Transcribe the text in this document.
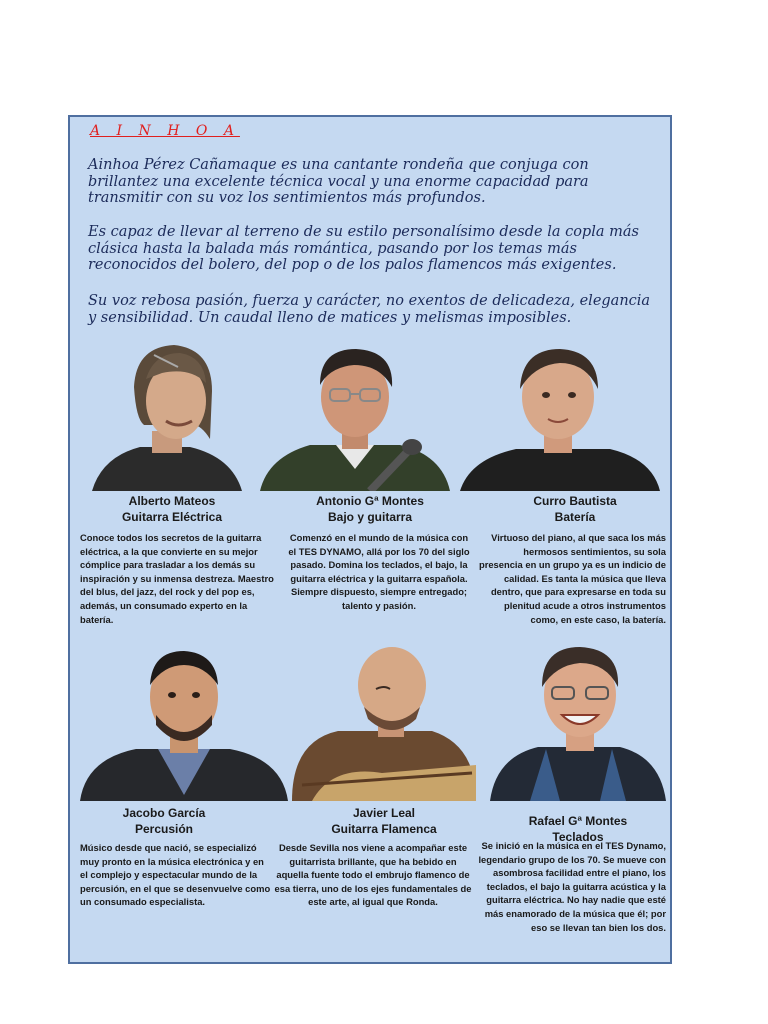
A I N H O A

Ainhoa Pérez Cañamaque es una cantante rondeña que conjuga con brillantez una excelente técnica vocal y una enorme capacidad para transmitir con su voz los sentimientos más profundos.

Es capaz de llevar al terreno de su estilo personalísimo desde la copla más clásica hasta la balada más romántica, pasando por los temas más reconocidos del bolero, del pop o de los palos flamencos más exigentes.

Su voz rebosa pasión, fuerza y carácter, no exentos de delicadeza, elegancia y sensibilidad. Un caudal lleno de matices y melismas imposibles.

Alberto Mateos
Guitarra Eléctrica
Antonio Gª Montes
Bajo y guitarra
Curro Bautista
Batería

Conoce todos los secretos de la guitarra eléctrica, a la que convierte en su mejor cómplice para trasladar a los demás su inspiración y su inmensa destreza. Maestro del blus, del jazz, del rock y del pop es, además, un consumado experto en la batería.

Comenzó en el mundo de la música con el TES DYNAMO, allá por los 70 del siglo pasado. Domina los teclados, el bajo, la guitarra eléctrica y la guitarra española. Siempre dispuesto, siempre entregado; talento y pasión.

Virtuoso del piano, al que saca los más hermosos sentimientos, su sola presencia en un grupo ya es un indicio de calidad. Es tanta la música que lleva dentro, que para expresarse en toda su plenitud acude a otros instrumentos como, en este caso, la batería.

Jacobo García
Percusión
Javier Leal
Guitarra Flamenca
Rafael Gª Montes
Teclados

Músico desde que nació, se especializó muy pronto en la música electrónica y en el complejo y espectacular mundo de la percusión, en el que se desenvuelve como un consumado especialista.

Desde Sevilla nos viene a acompañar este guitarrista brillante, que ha bebido en aquella fuente todo el embrujo flamenco de esa tierra, uno de los ejes fundamentales de este arte, al igual que Ronda.

Se inició en la música en el TES Dynamo, legendario grupo de los 70. Se mueve con asombrosa facilidad entre el piano, los teclados, el bajo la guitarra acústica y la guitarra eléctrica. No hay nadie que esté más enamorado de la música que él; por eso se llevan tan bien los dos.
